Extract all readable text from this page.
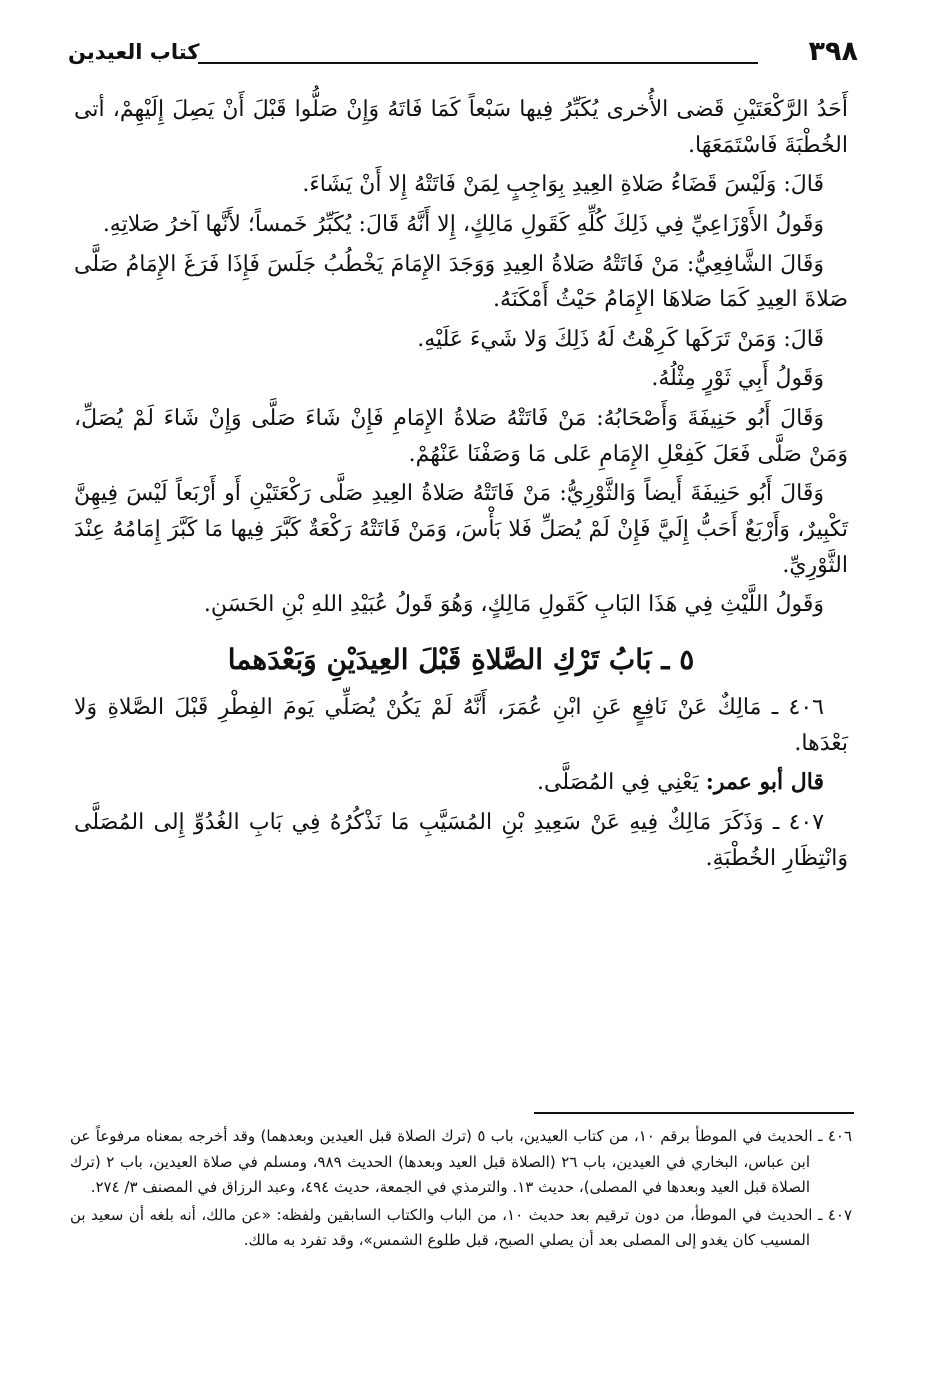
٣٩٨
كتاب العيدين

أَحَدُ الرَّكْعَتَيْنِ قَضى الأُخرى يُكَبِّرُ فِيها سَبْعاً كَمَا فَاتَهُ وَإِنْ صَلُّوا قَبْلَ أَنْ يَصِلَ إِلَيْهِمْ، أتى الخُطْبَةَ فَاسْتَمَعَهَا.

قَالَ: وَلَيْسَ قَضَاءُ صَلاةِ العِيدِ بِوَاجِبٍ لِمَنْ فَاتَتْهُ إِلا أَنْ يَشَاءَ.

وَقَولُ الأَوْزَاعِيِّ فِي ذَلِكَ كُلِّهِ كَقَولِ مَالِكٍ، إِلا أَنَّهُ قَالَ: يُكَبِّرُ خَمساً؛ لأَنَّها آخرُ صَلاتِهِ.

وَقَالَ الشَّافِعِيُّ: مَنْ فَاتَتْهُ صَلاةُ العِيدِ وَوَجَدَ الإِمَامَ يَخْطُبُ جَلَسَ فَإِذَا فَرَغَ الإِمَامُ صَلَّى صَلاةَ العِيدِ كَمَا صَلاهَا الإِمَامُ حَيْثُ أَمْكَنَهُ.

قَالَ: وَمَنْ تَرَكَها كَرِهْتُ لَهُ ذَلِكَ وَلا شَيءَ عَلَيْهِ.

وَقَولُ أَبِي ثَوْرٍ مِثْلُهُ.

وَقَالَ أَبُو حَنِيفَةَ وَأَصْحَابُهُ: مَنْ فَاتَتْهُ صَلاةُ الإِمَامِ فَإِنْ شَاءَ صَلَّى وَإِنْ شَاءَ لَمْ يُصَلِّ، وَمَنْ صَلَّى فَعَلَ كَفِعْلِ الإِمَامِ عَلى مَا وَصَفْنَا عَنْهُمْ.

وَقَالَ أَبُو حَنِيفَةَ أَيضاً وَالثَّوْرِيُّ: مَنْ فَاتَتْهُ صَلاةُ العِيدِ صَلَّى رَكْعَتَيْنِ أَو أَرْبَعاً لَيْسَ فِيهِنَّ تَكْبِيرٌ، وَأَرْبَعٌ أَحَبُّ إِلَيَّ فَإِنْ لَمْ يُصَلِّ فَلا بَأْسَ، وَمَنْ فَاتَتْهُ رَكْعَةٌ كَبَّرَ فِيها مَا كَبَّرَ إِمَامُهُ عِنْدَ الثَّوْرِيِّ.

وَقَولُ اللَّيْثِ فِي هَذَا البَابِ كَقَولِ مَالِكٍ، وَهُوَ قَولُ عُبَيْدِ اللهِ بْنِ الحَسَنِ.

٥ ـ بَابُ تَرْكِ الصَّلاةِ قَبْلَ العِيدَيْنِ وَبَعْدَهما

٤٠٦ ـ مَالِكٌ عَنْ نَافِعٍ عَنِ ابْنِ عُمَرَ، أَنَّهُ لَمْ يَكُنْ يُصَلِّي يَومَ الفِطْرِ قَبْلَ الصَّلاةِ وَلا بَعْدَها.

قال أبو عمر: يَعْنِي فِي المُصَلَّى.

٤٠٧ ـ وَذَكَرَ مَالِكٌ فِيهِ عَنْ سَعِيدِ بْنِ المُسَيَّبِ مَا نَذْكُرُهُ فِي بَابِ الغُدُوِّ إِلى المُصَلَّى وَانْتِظَارِ الخُطْبَةِ.

٤٠٦ ـ الحديث في الموطأ برقم ١٠، من كتاب العيدين، باب ٥ (ترك الصلاة قبل العيدين وبعدهما) وقد أخرجه بمعناه مرفوعاً عن ابن عباس، البخاري في العيدين، باب ٢٦ (الصلاة قبل العيد وبعدها) الحديث ٩٨٩، ومسلم في صلاة العيدين، باب ٢ (ترك الصلاة قبل العيد وبعدها في المصلى)، حديث ١٣. والترمذي في الجمعة، حديث ٤٩٤، وعبد الرزاق في المصنف ٣/ ٢٧٤.

٤٠٧ ـ الحديث في الموطأ، من دون ترقيم بعد حديث ١٠، من الباب والكتاب السابقين ولفظه: «عن مالك، أنه بلغه أن سعيد بن المسيب كان يغدو إلى المصلى بعد أن يصلي الصبح، قبل طلوع الشمس»، وقد تفرد به مالك.
